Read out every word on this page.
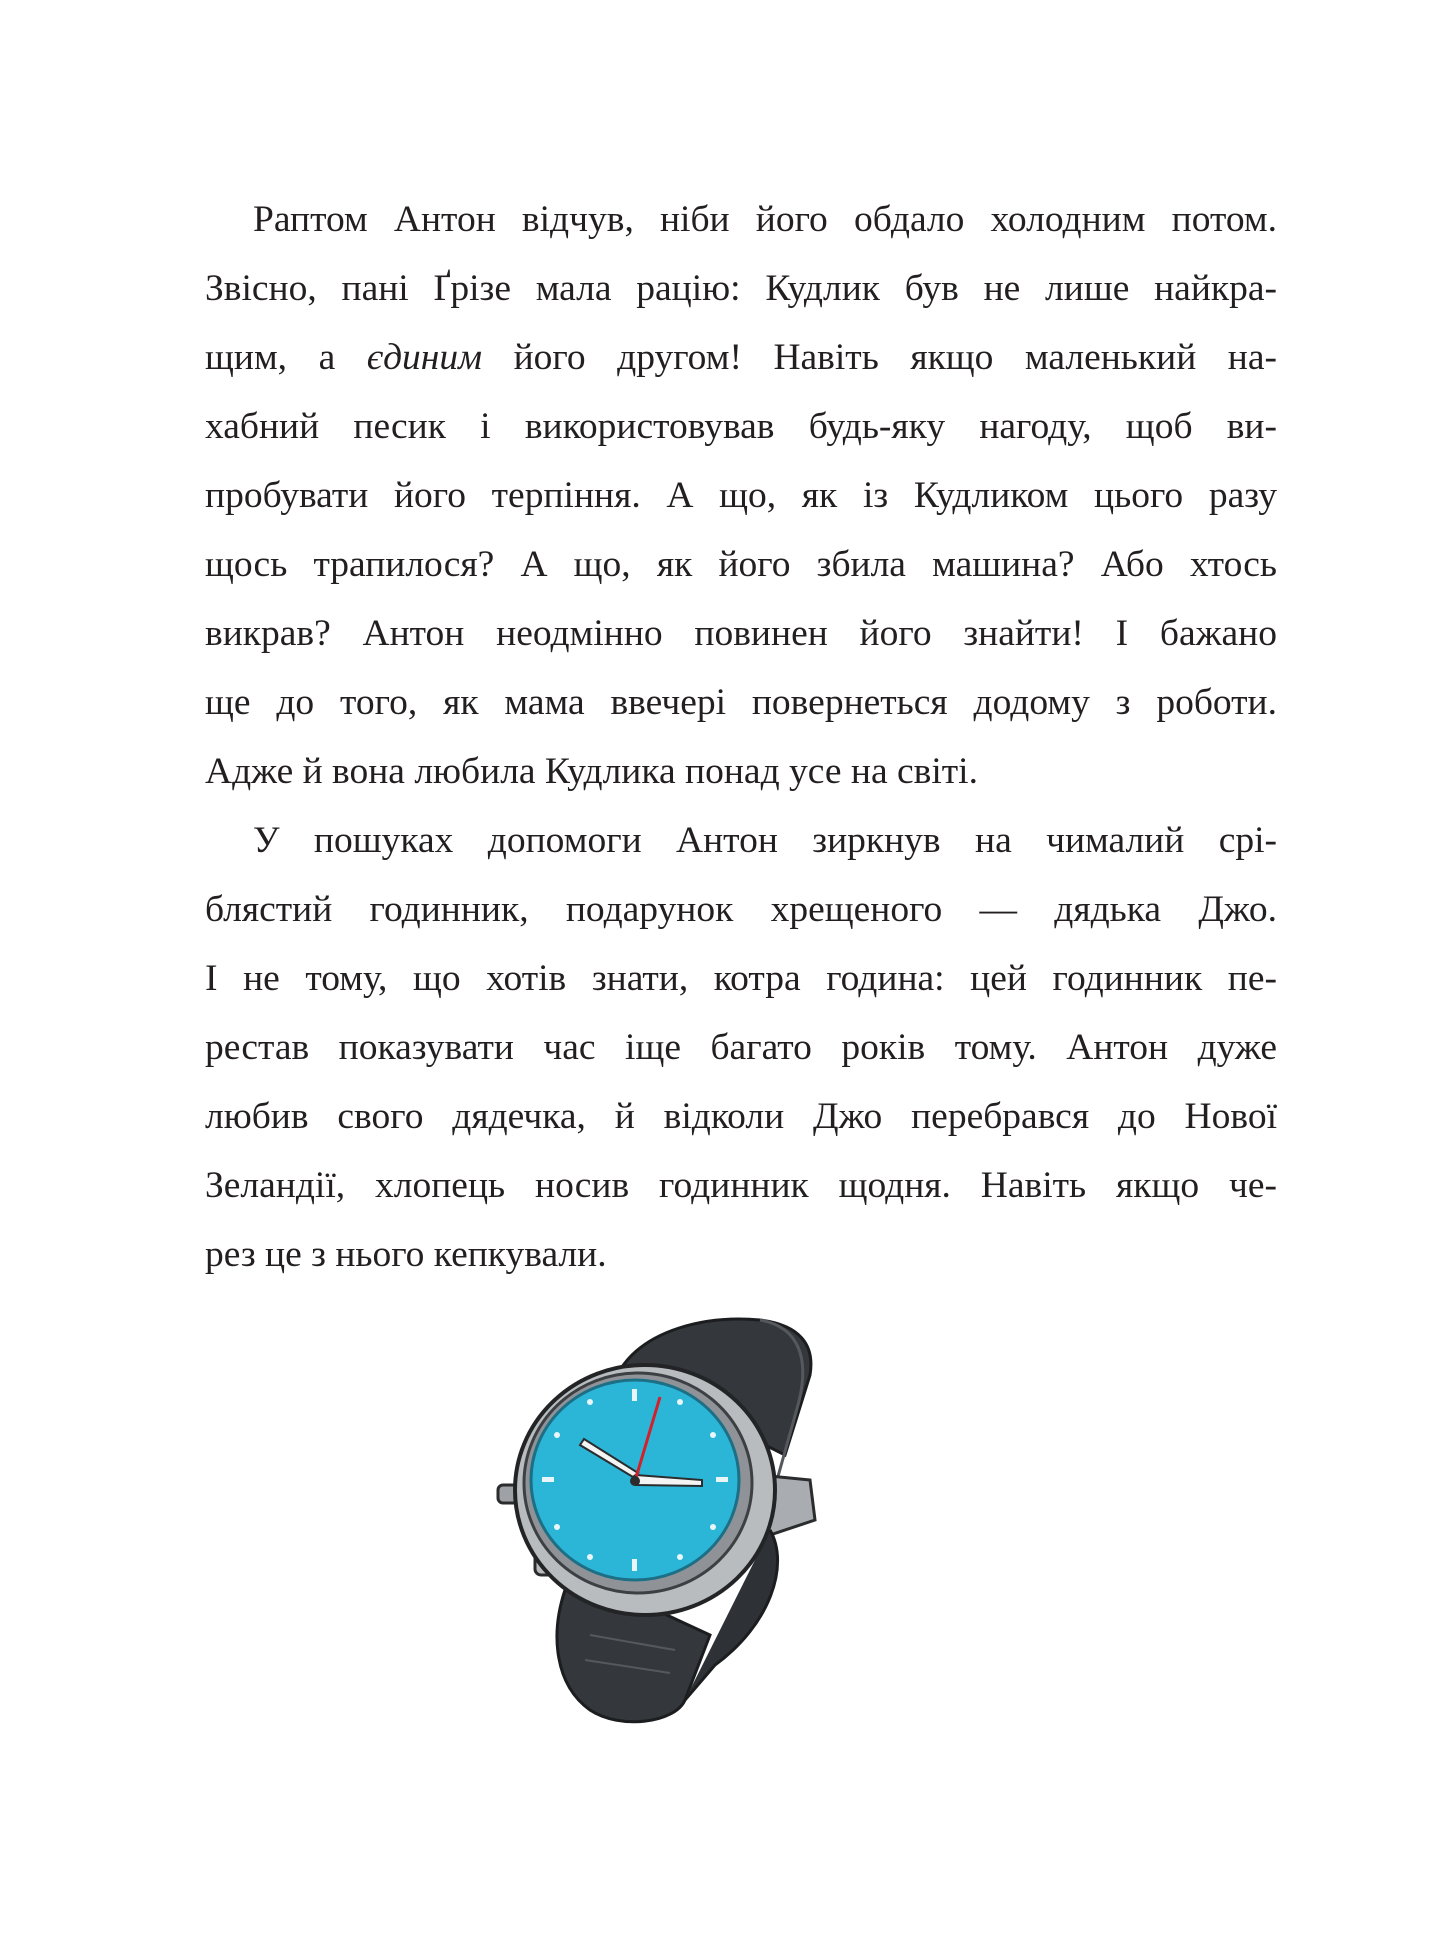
Раптом Антон відчув, ніби його обдало холодним потом.
Звісно, пані Ґрізе мала рацію: Кудлик був не лише найкра-
щим, а єдиним його другом! Навіть якщо маленький на-
хабний песик і використовував будь-яку нагоду, щоб ви-
пробувати його терпіння. А що, як із Кудликом цього разу
щось трапилося? А що, як його збила машина? Або хтось
викрав? Антон неодмінно повинен його знайти! І бажано
ще до того, як мама ввечері повернеться додому з роботи.
Адже й вона любила Кудлика понад усе на світі.
У пошуках допомоги Антон зиркнув на чималий срі-
блястий годинник, подарунок хрещеного — дядька Джо.
І не тому, що хотів знати, котра година: цей годинник пе-
рестав показувати час іще багато років тому. Антон дуже
любив свого дядечка, й відколи Джо перебрався до Нової
Зеландії, хлопець носив годинник щодня. Навіть якщо че-
рез це з нього кепкували.
